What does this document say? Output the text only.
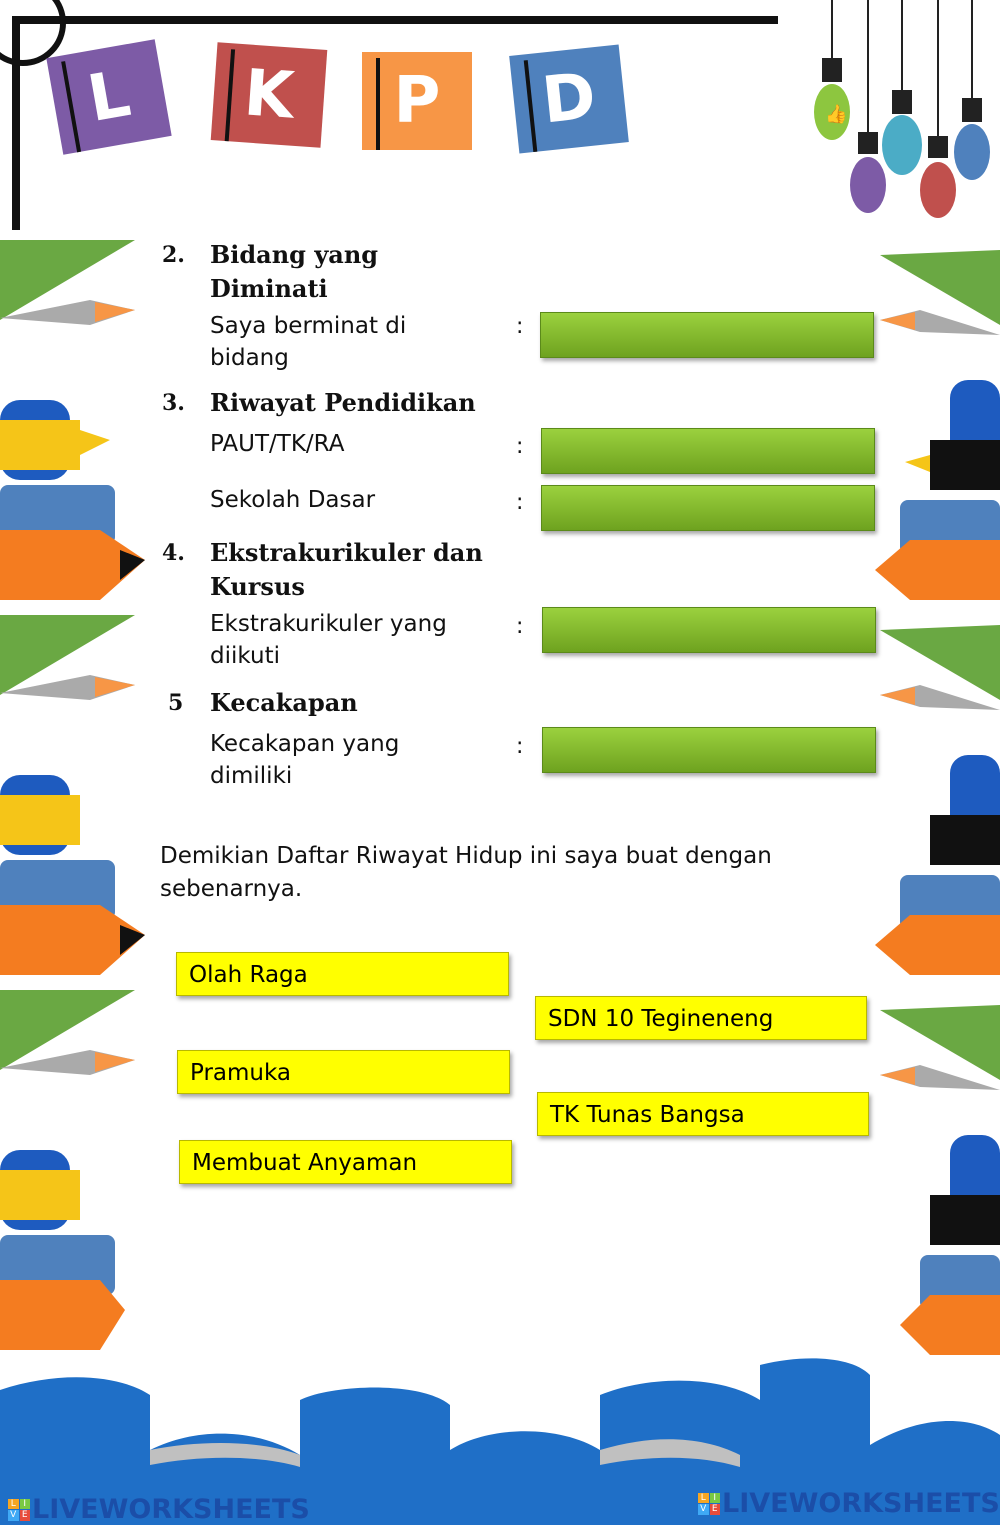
L K P D	👍
2. Bidang yang
Diminati
Saya berminat di
bidang
:
3. Riwayat Pendidikan
PAUT/TK/RA	:
Sekolah Dasar	:
4. Ekstrakurikuler dan
Kursus
Ekstrakurikuler yang
diikuti
:
5 Kecakapan
Kecakapan yang
dimiliki
:
Demikian Daftar Riwayat Hidup ini saya buat dengan
sebenarnya.
Olah Raga
SDN 10 Tegineneng
Pramuka
TK Tunas Bangsa
Membuat Anyaman
L I
V E LIVEWORKSHEETS	L I
V E LIVEWORKSHEETS
